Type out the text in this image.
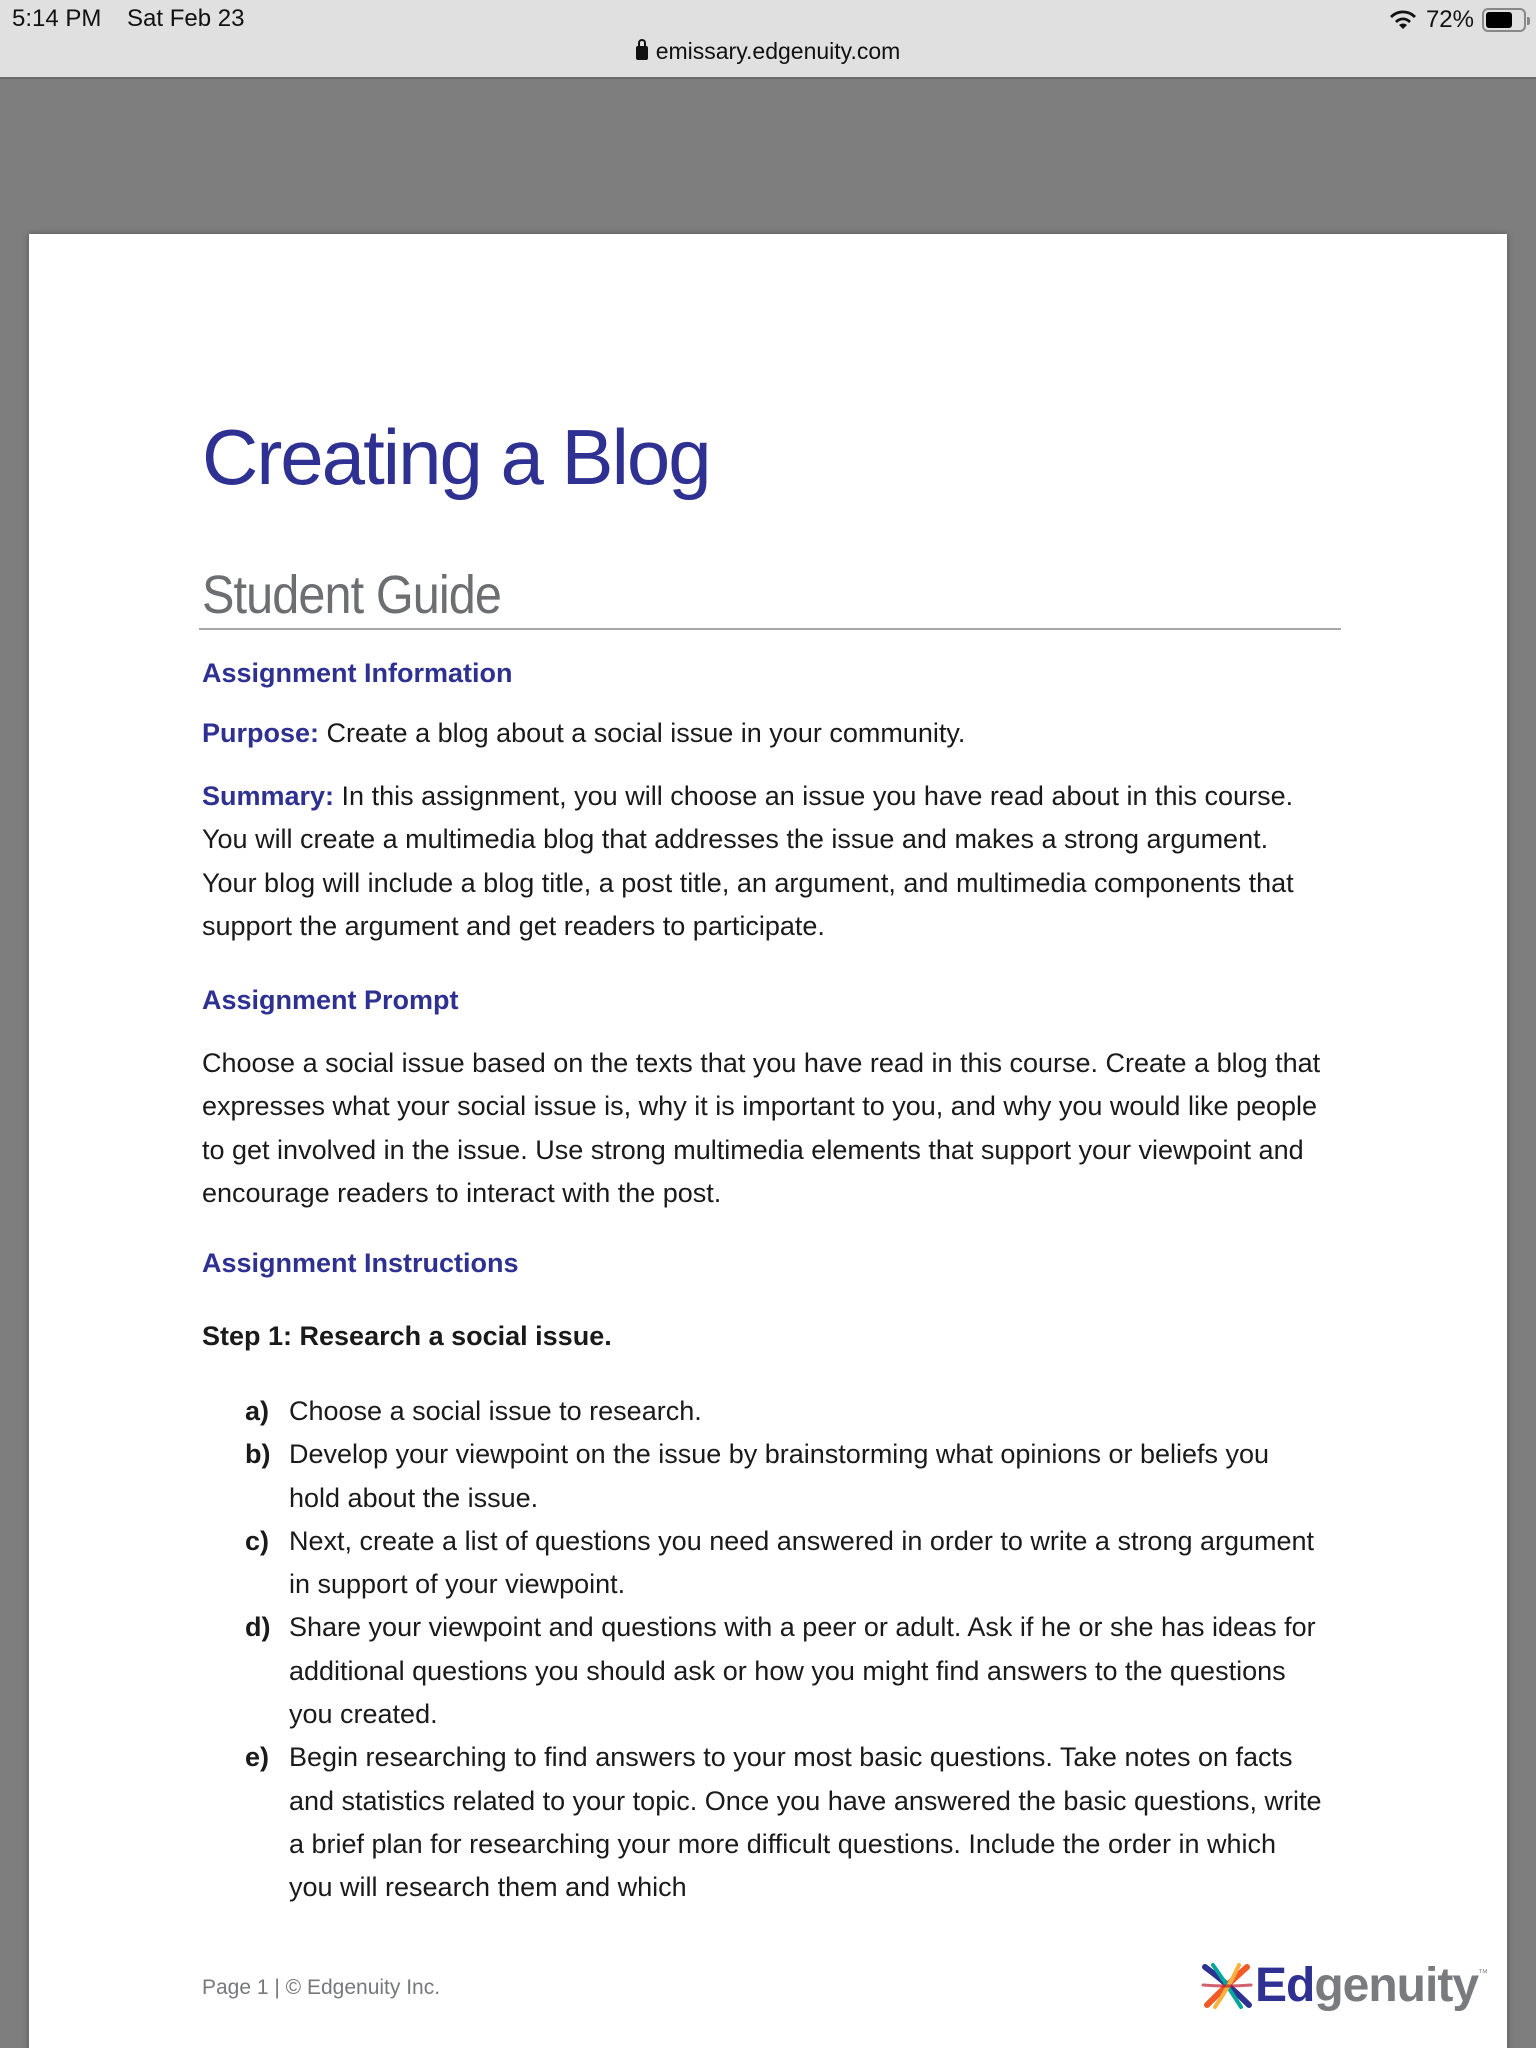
5:14 PM Sat Feb 23	72%
emissary.edgenuity.com
Creating a Blog
Student Guide
Assignment Information
Purpose: Create a blog about a social issue in your community.
Summary: In this assignment, you will choose an issue you have read about in this course. You will create a multimedia blog that addresses the issue and makes a strong argument. Your blog will include a blog title, a post title, an argument, and multimedia components that support the argument and get readers to participate.
Assignment Prompt
Choose a social issue based on the texts that you have read in this course. Create a blog that expresses what your social issue is, why it is important to you, and why you would like people to get involved in the issue. Use strong multimedia elements that support your viewpoint and encourage readers to interact with the post.
Assignment Instructions
Step 1: Research a social issue.
a) Choose a social issue to research.
b) Develop your viewpoint on the issue by brainstorming what opinions or beliefs you hold about the issue.
c) Next, create a list of questions you need answered in order to write a strong argument in support of your viewpoint.
d) Share your viewpoint and questions with a peer or adult. Ask if he or she has ideas for additional questions you should ask or how you might find answers to the questions you created.
e) Begin researching to find answers to your most basic questions. Take notes on facts and statistics related to your topic. Once you have answered the basic questions, write a brief plan for researching your more difficult questions. Include the order in which you will research them and which
Page 1 | © Edgenuity Inc.	Ed genuity ™
